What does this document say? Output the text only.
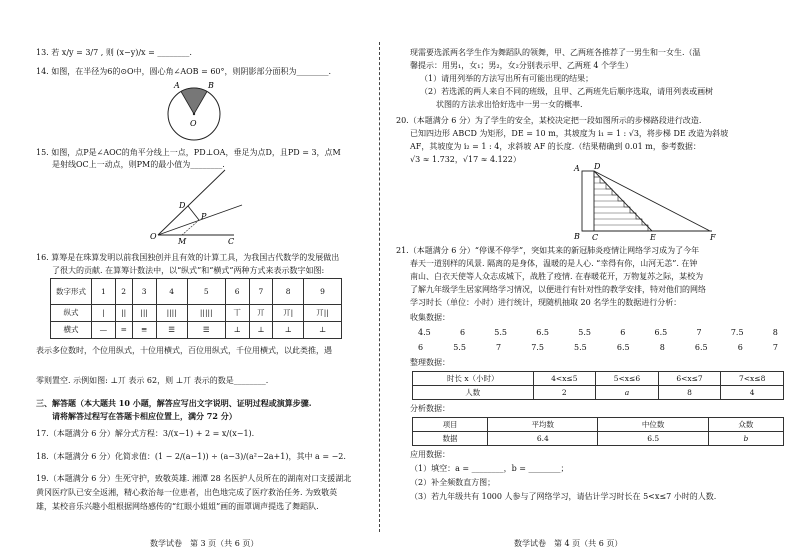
13. 若 x/y = 3/7 , 则 (x−y)/x = ________.
14. 如图，在半径为6的⊙O中，圆心角∠AOB = 60°，则阴影部分面积为________.
A	B
O
15. 如图，点P是∠AOC的角平分线上一点，PD⊥OA，垂足为点D，且PD = 3，点M
是射线OC上一动点，则PM的最小值为________.
O
D
P
M	C
16. 算筹是在珠算发明以前我国独创并且有效的计算工具，为我国古代数学的发展做出
了很大的贡献. 在算筹计数法中，以“纵式”和“横式”两种方式来表示数字如图:
数字形式	1	2	3	4	5	6	7	8	9
纵式	|	||	|||	||||	|||||	丅	丌	丌|	丌||
横式	—	═	≡	☰	☰	⊥	⊥	⊥	⊥
表示多位数时，个位用纵式，十位用横式，百位用纵式，千位用横式，以此类推，遇
零则置空. 示例如图: ⊥丌 表示 62，则 ⊥丌 表示的数是________.
三、解答题（本大题共 10 小题，解答应写出文字说明、证明过程或演算步骤.
请将解答过程写在答题卡相应位置上，满分 72 分）
17.（本题满分 6 分）解分式方程：3/(x−1) + 2 = x/(x−1).
18.（本题满分 6 分）化简求值：(1 − 2/(a−1)) ÷ (a−3)/(a²−2a+1)，其中 a = −2.
19.（本题满分 6 分）生死守护，致敬英雄. 湘潭 28 名医护人员所在的湖南对口支援湖北
黄冈医疗队已安全返湘，精心救治每一位患者，出色地完成了医疗救治任务. 为致敬英
雄，某校音乐兴趣小组根据网络感传的“红眼小姐姐”画的面罩调声提选了舞蹈队.
数学试卷　第 3 页（共 6 页）
现需要选派两名学生作为舞蹈队的领舞，甲、乙两班各推荐了一男生和一女生.（温
馨提示：用男₁，女₁；男₂，女₂分别表示甲、乙两班 4 个学生）
（1）请用列举的方法写出所有可能出现的结果；
（2）若选派的两人来自不同的班级，且甲、乙两班先后顺序选取，请用列表或画树
状图的方法求出恰好选中一男一女的概率.
20.（本题满分 6 分）为了学生的安全，某校决定把一段如图所示的步梯路段进行改造.
已知四边形 ABCD 为矩形，DE = 10 m，其坡度为 i₁ = 1 : √3，将步梯 DE 改造为斜坡
AF，其坡度为 i₂ = 1 : 4，求斜坡 AF 的长度.（结果精确到 0.01 m，参考数据：
√3 ≈ 1.732，√17 ≈ 4.122）
A D
B C	E	F
21.（本题满分 6 分）“停课不停学”，突如其来的新冠肺炎疫情让网络学习成为了今年
春天一道别样的风景. 隔离的是身体，温暖的是人心. “幸得有你，山河无恙”. 在钟
南山、白衣天使等人众志成城下，战胜了疫情. 在春暖花开，万物复苏之际，某校为
了解九年级学生居家网络学习情况，以便进行有针对性的教学安排，特对他们的网络
学习时长（单位：小时）进行统计，现随机抽取 20 名学生的数据进行分析：
收集数据：
4.5	6	5.5	6.5	5.5	6	6.5	7	7.5	8
6	5.5	7	7.5	5.5	6.5	8	6.5	6	7
整理数据：
时长 x（小时）	4<x≤5	5<x≤6	6<x≤7	7<x≤8
人数	2	a	8	4
分析数据：
项目	平均数	中位数	众数
数据	6.4	6.5	b
应用数据：
（1）填空：a = ________，b = ________；
（2）补全频数直方图；
（3）若九年级共有 1000 人参与了网络学习，请估计学习时长在 5<x≤7 小时的人数.
数学试卷　第 4 页（共 6 页）
